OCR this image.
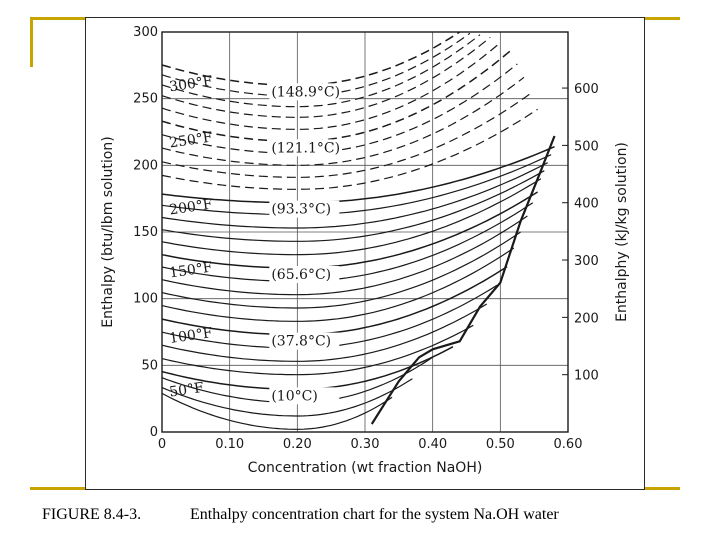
0	0.10	0.20	0.30	0.40	0.50	0.60
0
50
100
150
200
250
300
100
200
300
400
500
600
Concentration (wt fraction NaOH)
Enthalpy (btu/lbm solution)	Enthalphy (kJ/kg solution)
50°F	(10°C)
100°F	(37.8°C)
150°F	(65.6°C)
200°F	(93.3°C)
250°F	(121.1°C)
300°F	(148.9°C)
FIGURE 8.4-3.	Enthalpy concentration chart for the system Na.OH water
